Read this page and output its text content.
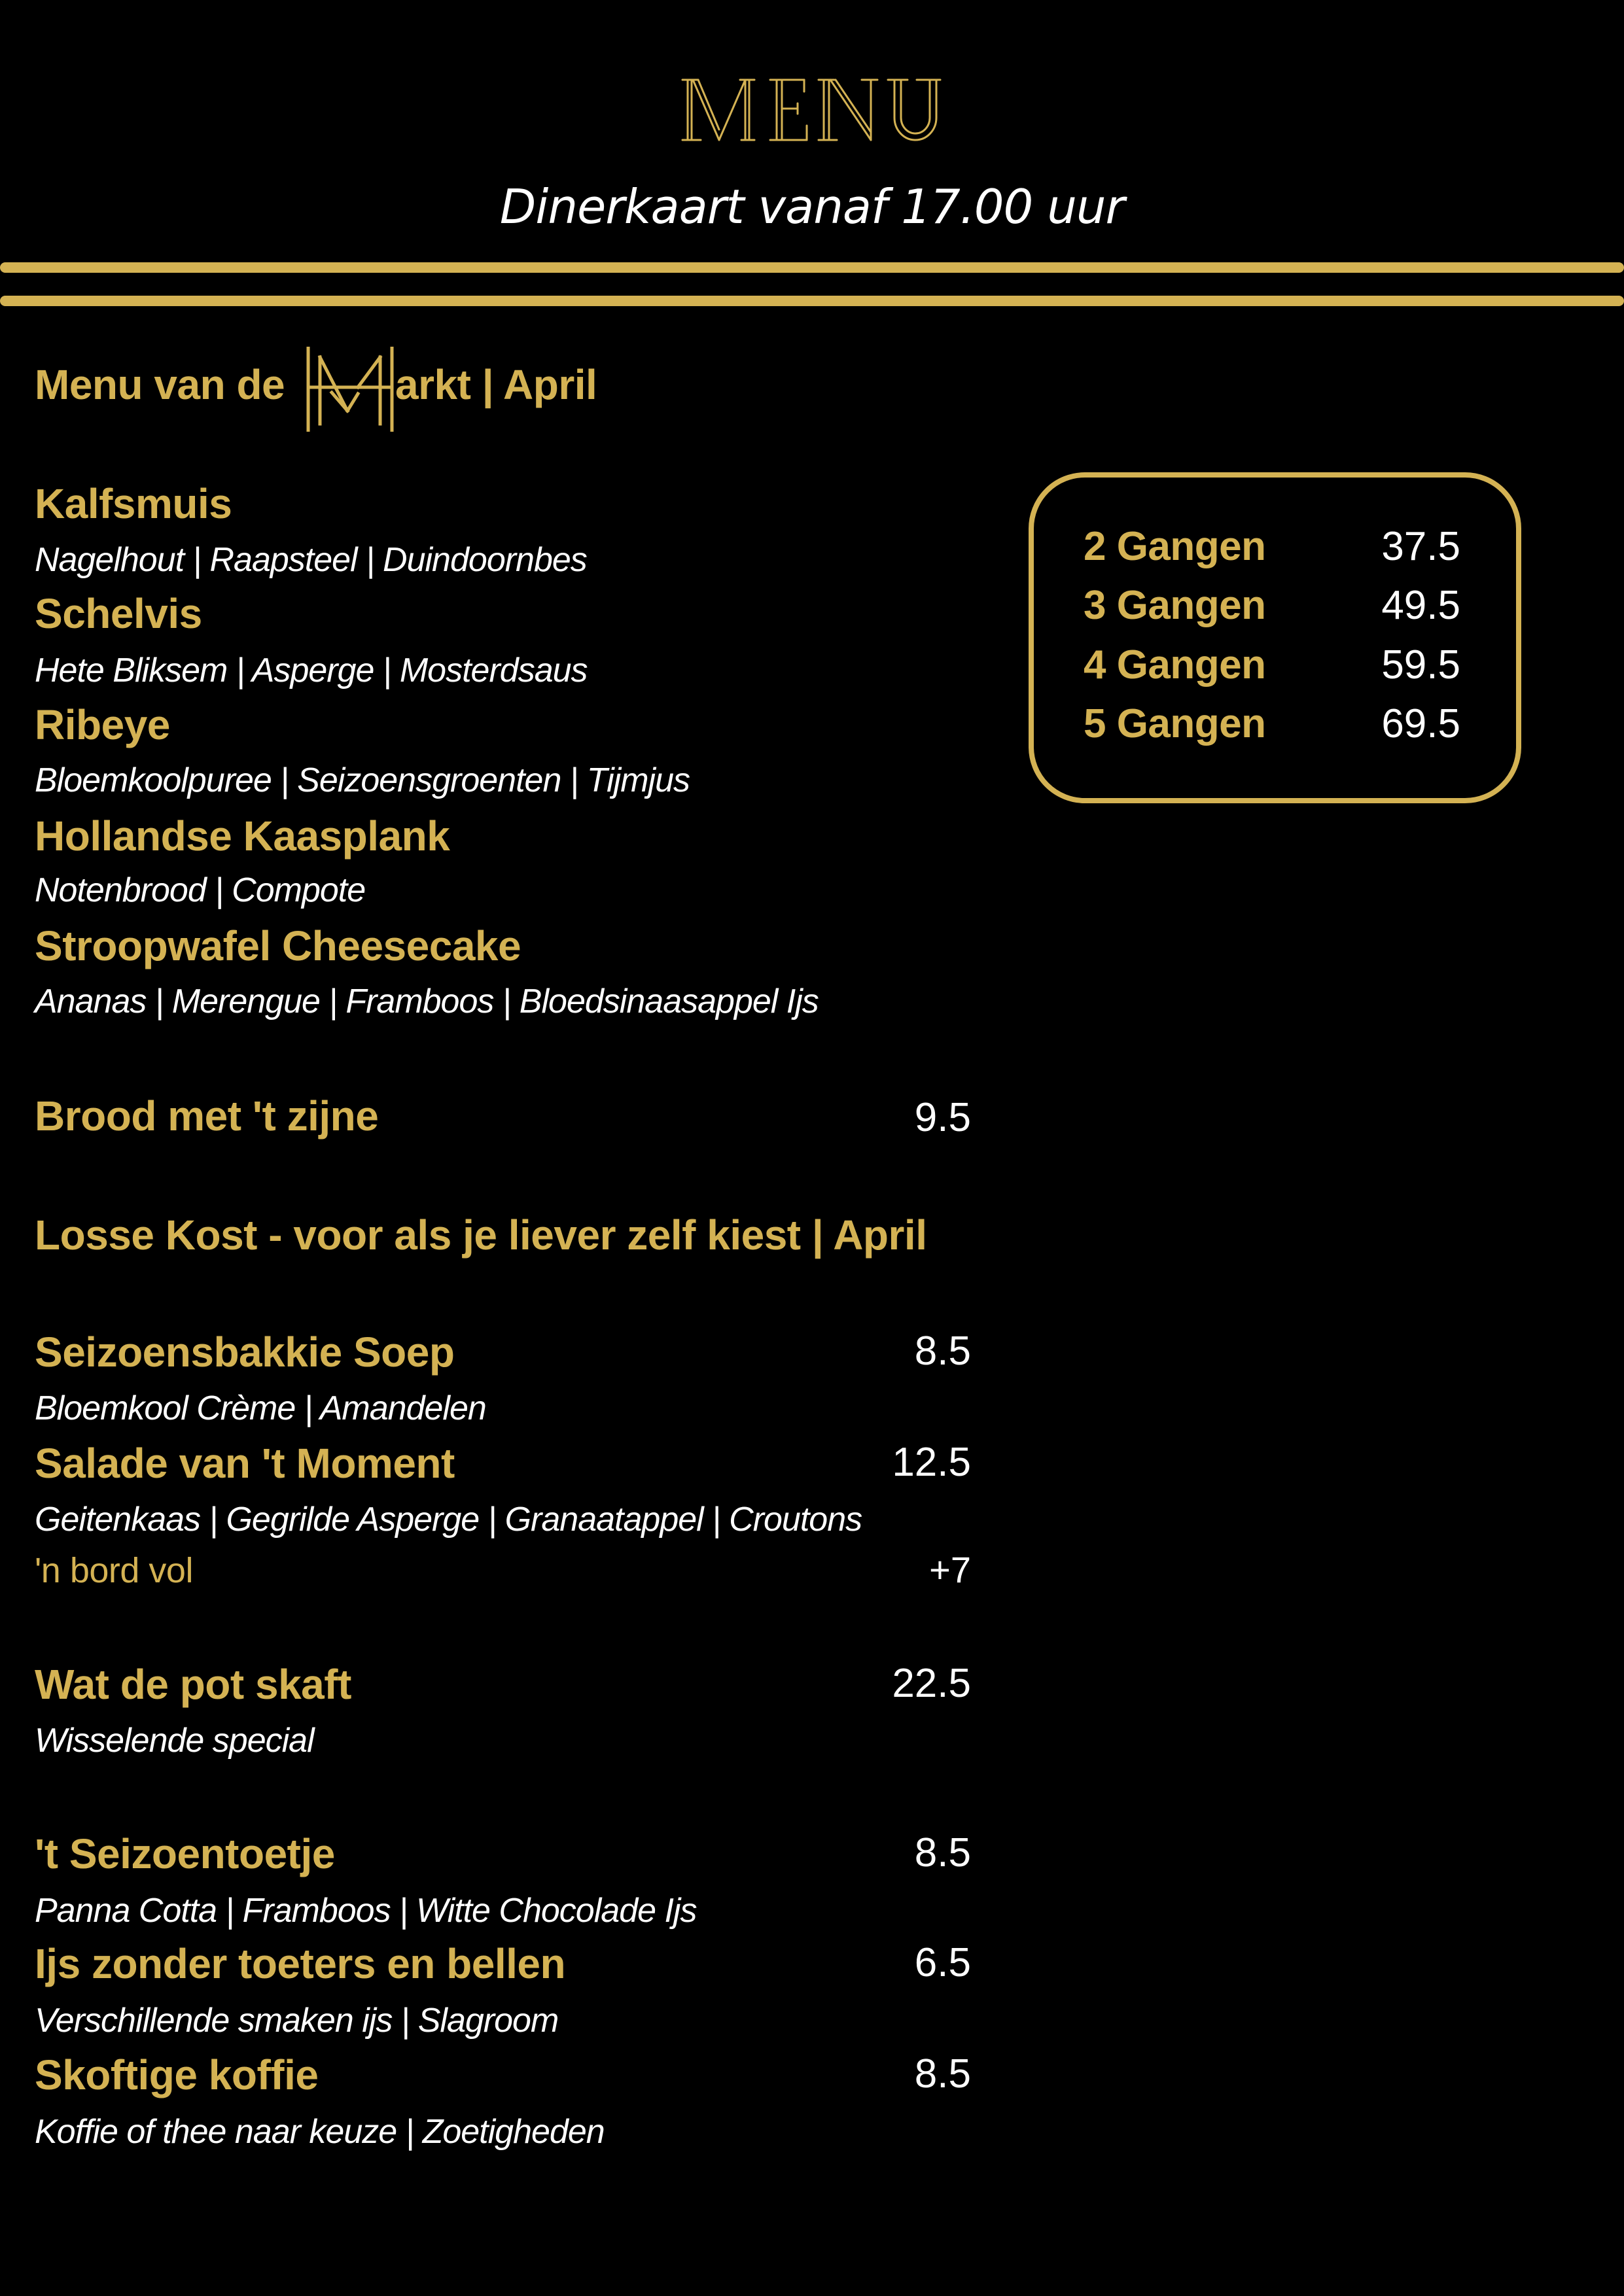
Dinerkaart vanaf 17.00 uur
Menu van de	arkt | April
Kalfsmuis
Nagelhout | Raapsteel | Duindoornbes
Schelvis
Hete Bliksem | Asperge | Mosterdsaus
Ribeye
Bloemkoolpuree | Seizoensgroenten | Tijmjus
Hollandse Kaasplank
Notenbrood | Compote
Stroopwafel Cheesecake
Ananas | Merengue | Framboos | Bloedsinaasappel Ijs
2 Gangen	37.5
3 Gangen	49.5
4 Gangen	59.5
5 Gangen	69.5
Brood met 't zijne	9.5
Losse Kost - voor als je liever zelf kiest | April
Seizoensbakkie Soep	8.5
Bloemkool Crème | Amandelen
Salade van 't Moment	12.5
Geitenkaas | Gegrilde Asperge | Granaatappel | Croutons
'n bord vol	+7
Wat de pot skaft	22.5
Wisselende special
't Seizoentoetje	8.5
Panna Cotta | Framboos | Witte Chocolade Ijs
Ijs zonder toeters en bellen	6.5
Verschillende smaken ijs | Slagroom
Skoftige koffie	8.5
Koffie of thee naar keuze | Zoetigheden
